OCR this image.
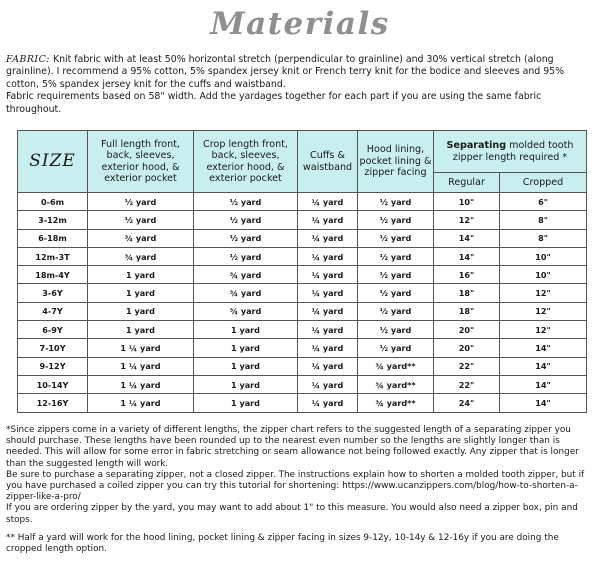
Materials
FABRIC: Knit fabric with at least 50% horizontal stretch (perpendicular to grainline) and 30% vertical stretch (along grainline). I recommend a 95% cotton, 5% spandex jersey knit or French terry knit for the bodice and sleeves and 95% cotton, 5% spandex jersey knit for the cuffs and waistband.
Fabric requirements based on 58" width. Add the yardages together for each part if you are using the same fabric throughout.
SIZE	Full length front, back, sleeves, exterior hood, & exterior pocket	Crop length front, back, sleeves, exterior hood, & exterior pocket	Cuffs & waistband	Hood lining, pocket lining & zipper facing	Separating molded tooth zipper length required *	
					Regular	Cropped
0-6m	½ yard	½ yard	¼ yard	½ yard	10"	6"
3-12m	½ yard	½ yard	¼ yard	½ yard	12"	8"
6-18m	¾ yard	½ yard	¼ yard	½ yard	14"	8"
12m-3T	¾ yard	½ yard	¼ yard	½ yard	14"	10"
18m-4Y	1 yard	¾ yard	¼ yard	½ yard	16"	10"
3-6Y	1 yard	¾ yard	¼ yard	½ yard	18"	12"
4-7Y	1 yard	¾ yard	¼ yard	½ yard	18"	12"
6-9Y	1 yard	1 yard	¼ yard	½ yard	20"	12"
7-10Y	1 ¼ yard	1 yard	¼ yard	½ yard	20"	14"
9-12Y	1 ¼ yard	1 yard	¼ yard	¾ yard**	22"	14"
10-14Y	1 ¼ yard	1 yard	¼ yard	¾ yard**	22"	14"
12-16Y	1 ¼ yard	1 yard	¼ yard	¾ yard**	24"	14"

*Since zippers come in a variety of different lengths, the zipper chart refers to the suggested length of a separating zipper you should purchase. These lengths have been rounded up to the nearest even number so the lengths are slightly longer than is needed. This will allow for some error in fabric stretching or seam allowance not being followed exactly. Any zipper that is longer than the suggested length will work.

Be sure to purchase a separating zipper, not a closed zipper. The instructions explain how to shorten a molded tooth zipper, but if you have purchased a coiled zipper you can try this tutorial for shortening: https://www.ucanzippers.com/blog/how-to-shorten-a-zipper-like-a-pro/

If you are ordering zipper by the yard, you may want to add about 1" to this measure. You would also need a zipper box, pin and stops.

** Half a yard will work for the hood lining, pocket lining & zipper facing in sizes 9-12y, 10-14y & 12-16y if you are doing the cropped length option.
